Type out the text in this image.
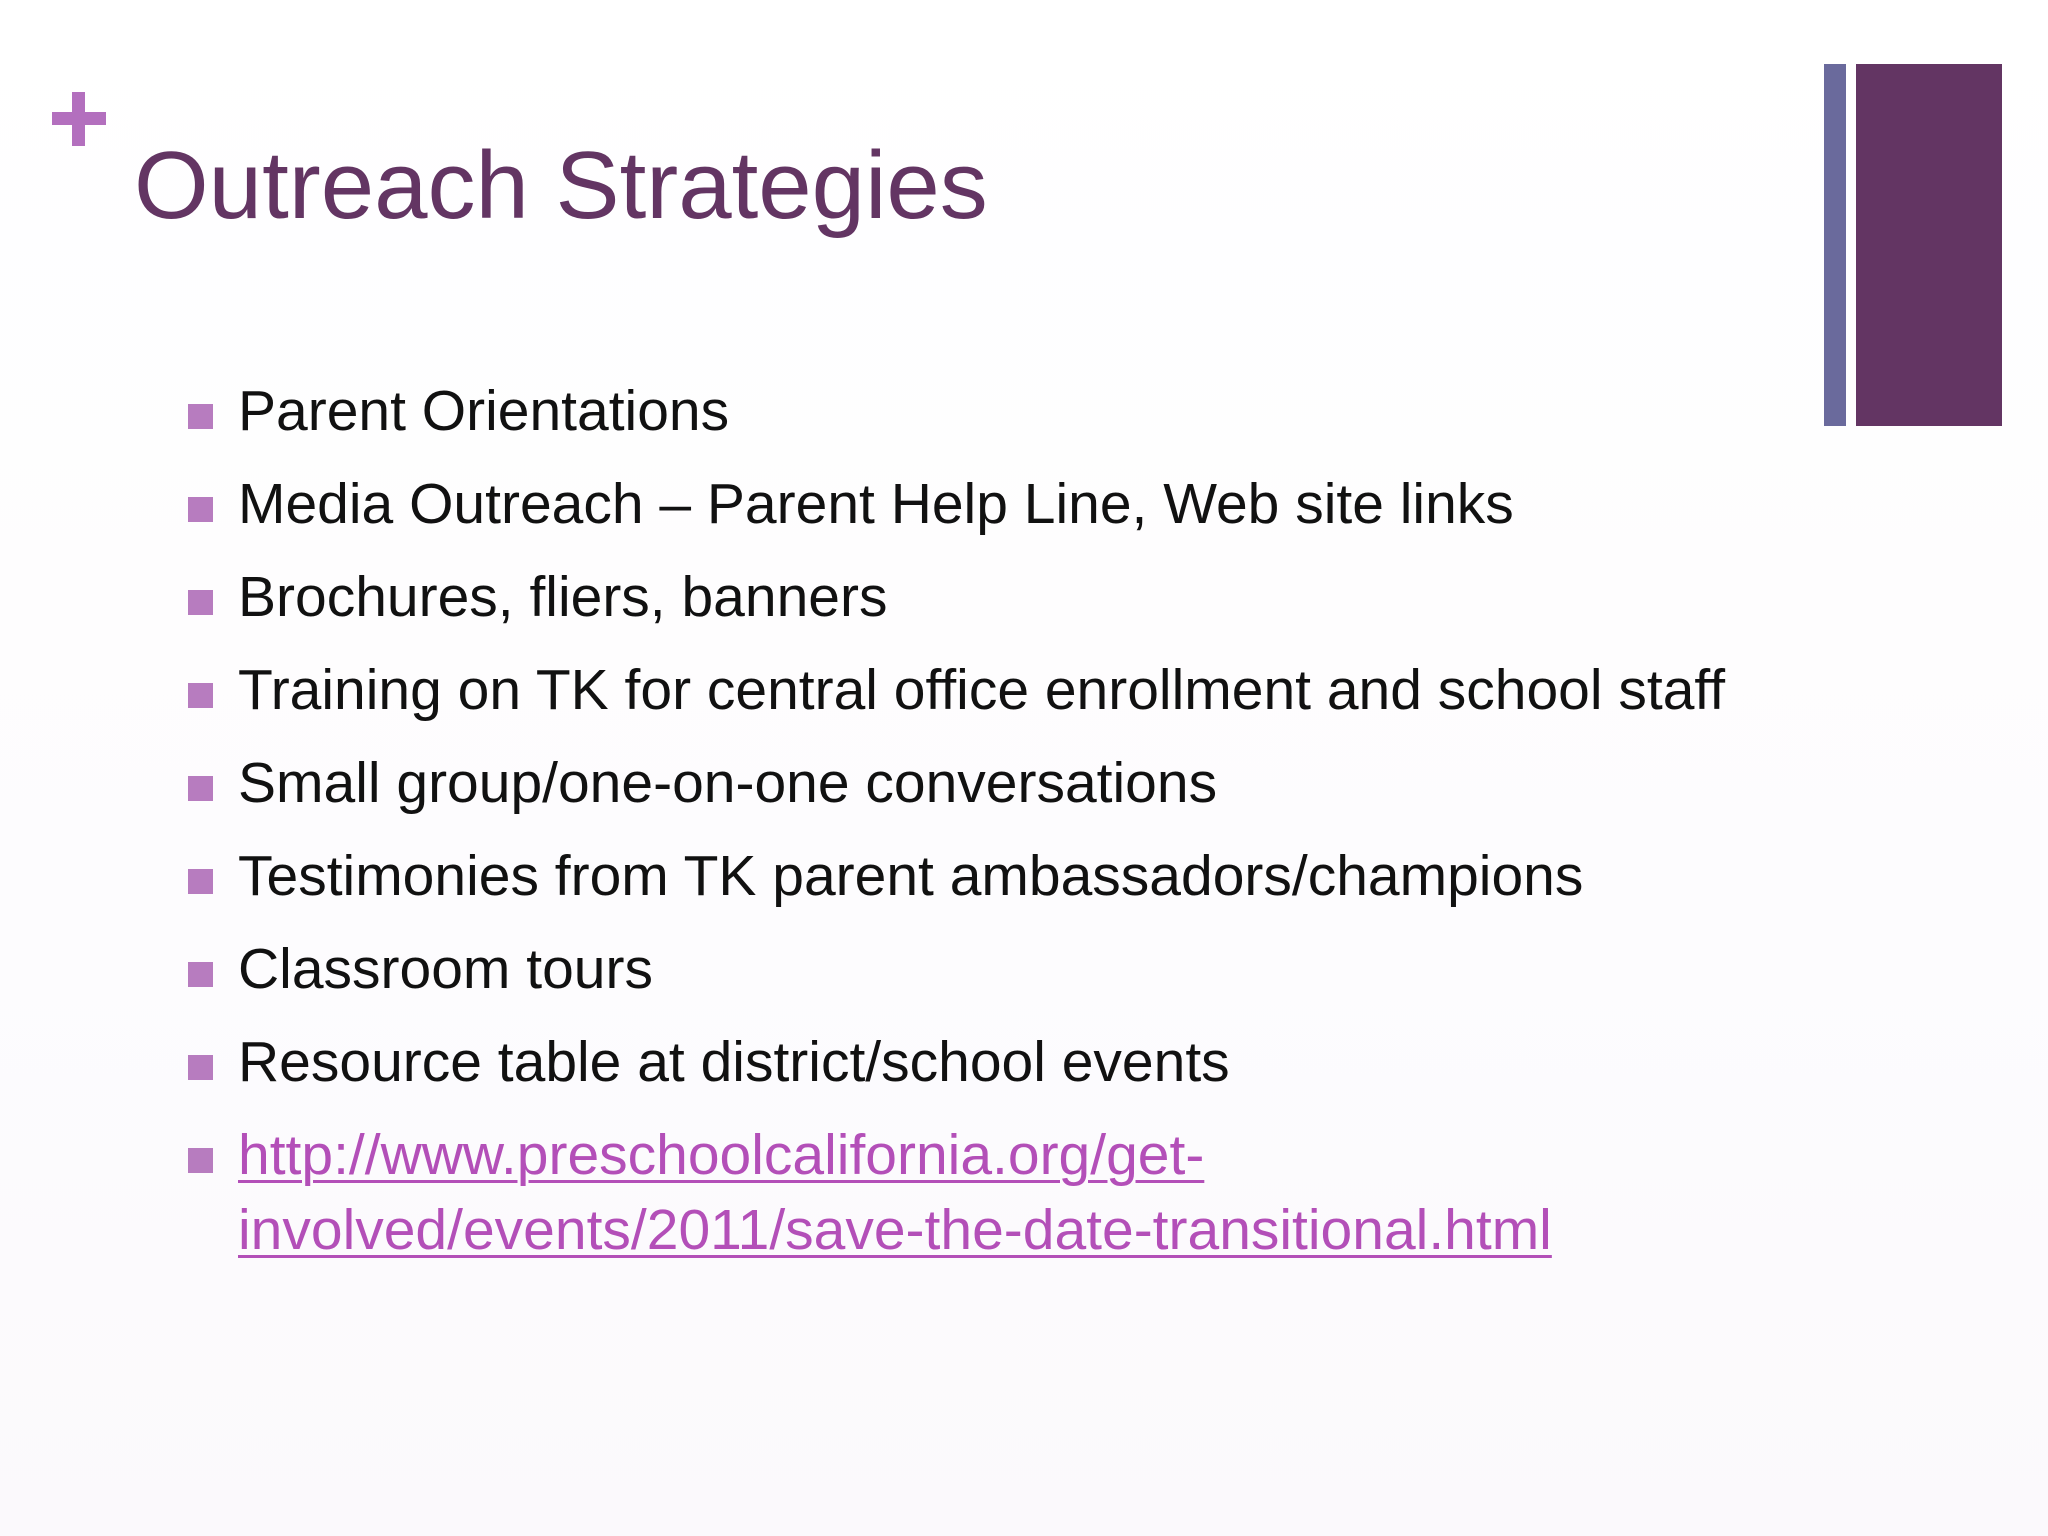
Outreach Strategies
Parent Orientations
Media Outreach – Parent Help Line, Web site links
Brochures, fliers, banners
Training on TK for central office enrollment and school staff
Small group/one-on-one conversations
Testimonies from TK parent ambassadors/champions
Classroom tours
Resource table at district/school events
http://www.preschoolcalifornia.org/get-involved/events/2011/save-the-date-transitional.html
